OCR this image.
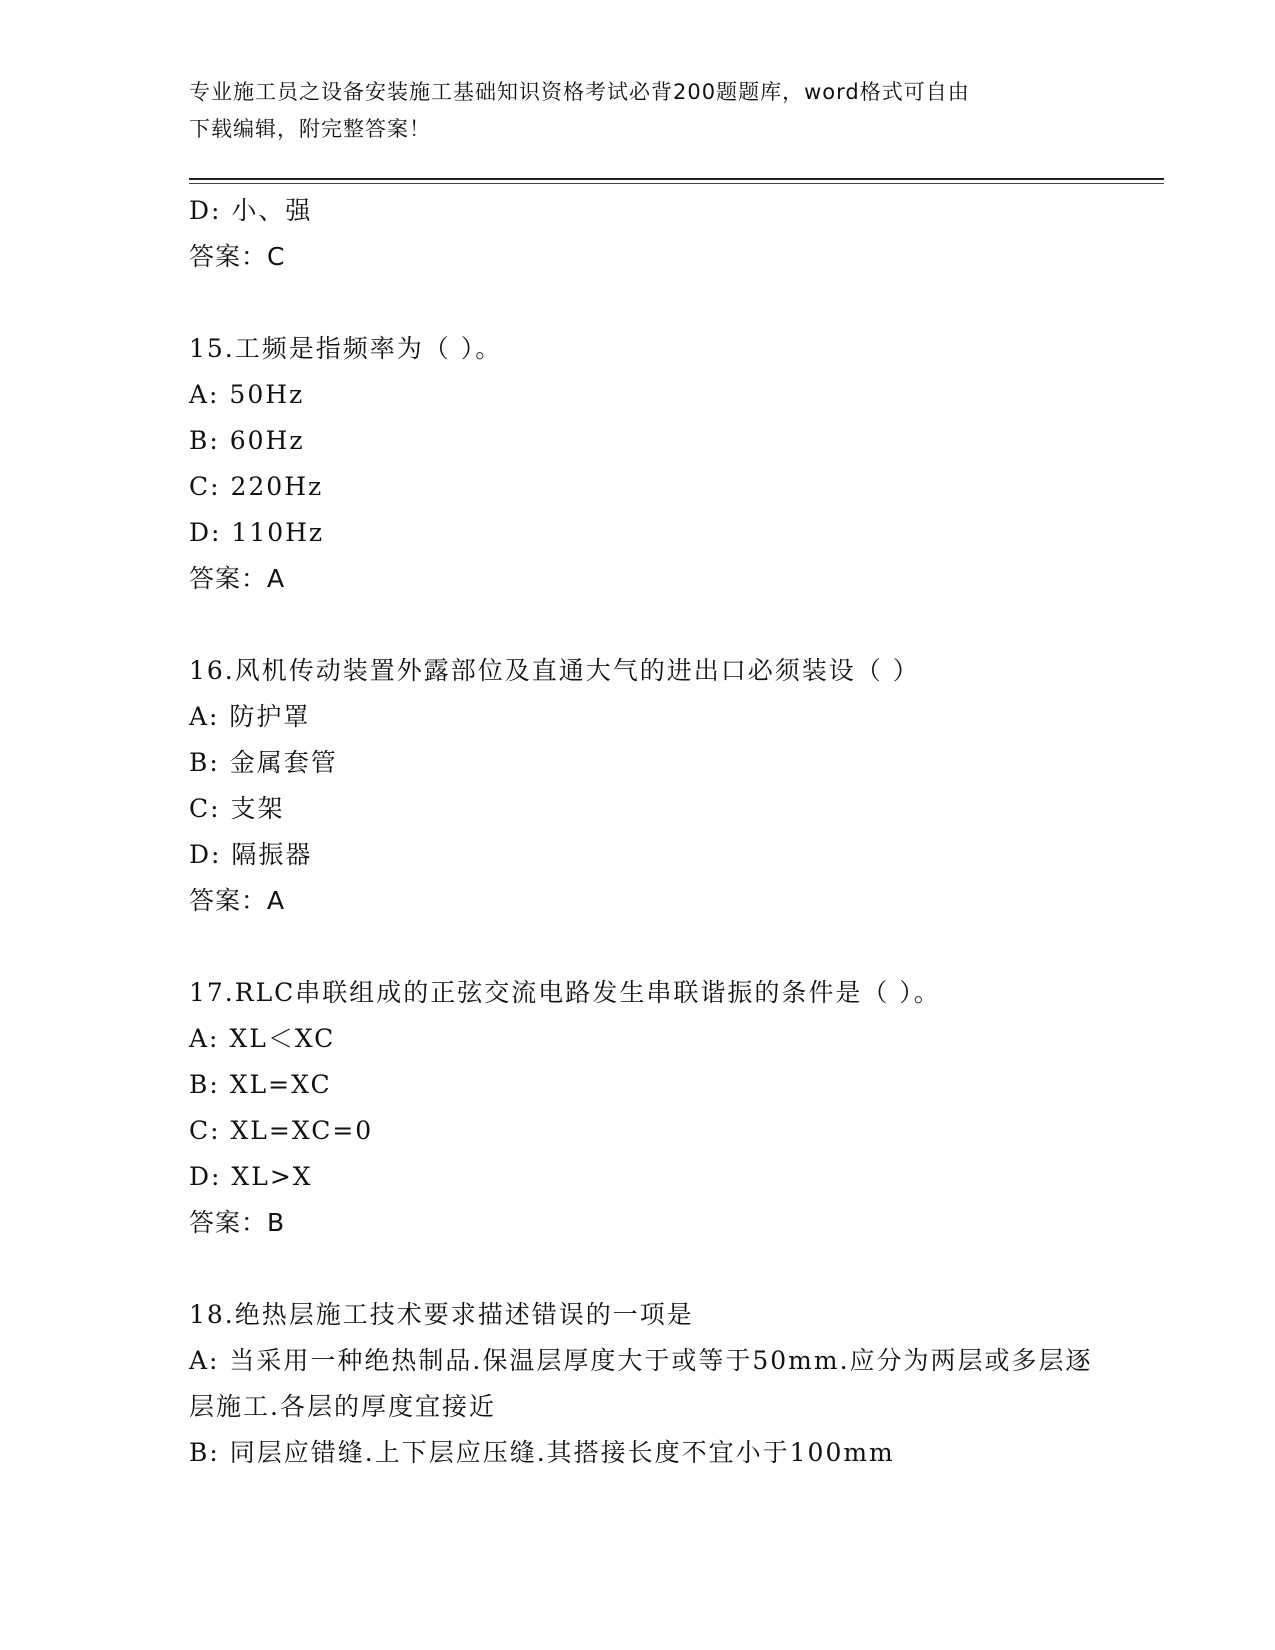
专业施工员之设备安装施工基础知识资格考试必背200题题库，word格式可自由
下载编辑，附完整答案！
D: 小、强
答案：C
15.工频是指频率为（ ）。
A: 50Hz
B: 60Hz
C: 220Hz
D: 110Hz
答案：A
16.风机传动装置外露部位及直通大气的进出口必须装设（ ）
A: 防护罩
B: 金属套管
C: 支架
D: 隔振器
答案：A
17.RLC串联组成的正弦交流电路发生串联谐振的条件是（ ）。
A: XL＜XC
B: XL=XC
C: XL=XC=0
D: XL>X
答案：B
18.绝热层施工技术要求描述错误的一项是
A: 当采用一种绝热制品.保温层厚度大于或等于50mm.应分为两层或多层逐层施工.各层的厚度宜接近
B: 同层应错缝.上下层应压缝.其搭接长度不宜小于100mm
